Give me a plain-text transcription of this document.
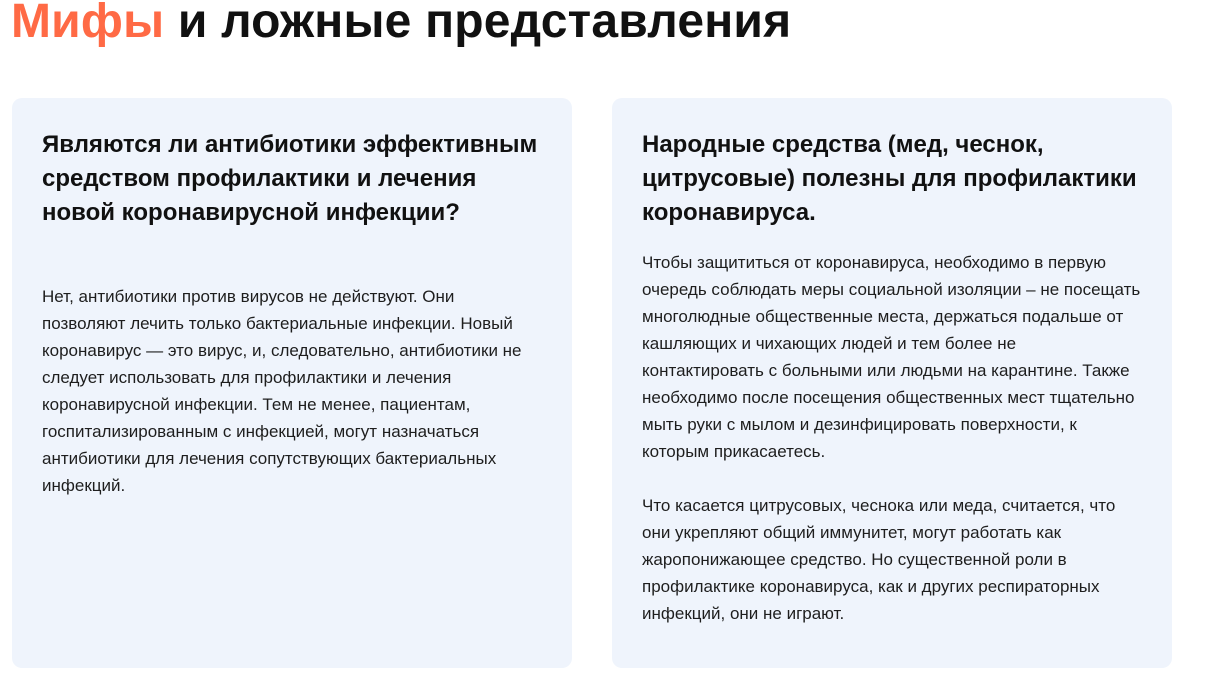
Мифы и ложные представления
Являются ли антибиотики эффективным средством профилактики и лечения новой коронавирусной инфекции?

Нет, антибиотики против вирусов не действуют. Они позволяют лечить только бактериальные инфекции. Новый коронавирус — это вирус, и, следовательно, антибиотики не следует использовать для профилактики и лечения коронавирусной инфекции. Тем не менее, пациентам, госпитализированным с инфекцией, могут назначаться антибиотики для лечения сопутствующих бактериальных инфекций.

Народные средства (мед, чеснок, цитрусовые) полезны для профилактики коронавируса.

Чтобы защититься от коронавируса, необходимо в первую очередь соблюдать меры социальной изоляции – не посещать многолюдные общественные места, держаться подальше от кашляющих и чихающих людей и тем более не контактировать с больными или людьми на карантине. Также необходимо после посещения общественных мест тщательно мыть руки с мылом и дезинфицировать поверхности, к которым прикасаетесь.

Что касается цитрусовых, чеснока или меда, считается, что они укрепляют общий иммунитет, могут работать как жаропонижающее средство. Но существенной роли в профилактике коронавируса, как и других респираторных инфекций, они не играют.
